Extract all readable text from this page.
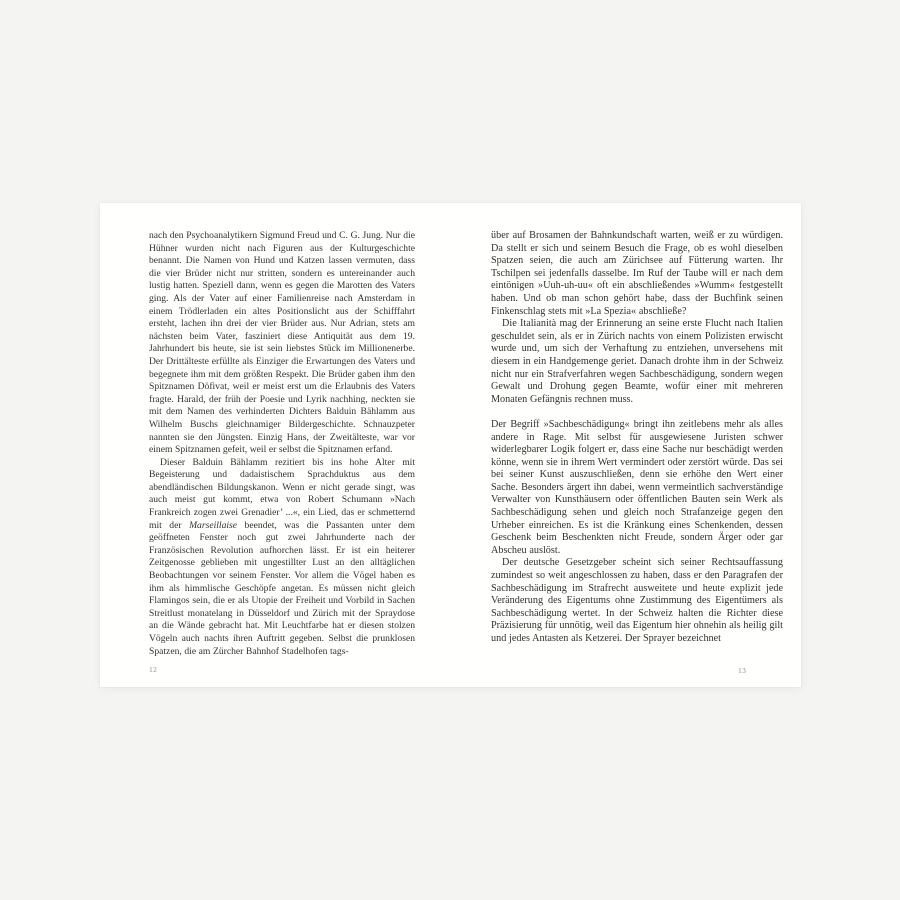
nach den Psychoanalytikern Sigmund Freud und C. G. Jung. Nur die Hühner wurden nicht nach Figuren aus der Kulturgeschichte benannt. Die Namen von Hund und Katzen lassen vermuten, dass die vier Brüder nicht nur stritten, sondern es untereinander auch lustig hatten. Speziell dann, wenn es gegen die Marotten des Vaters ging. Als der Vater auf einer Familienreise nach Amsterdam in einem Trödlerladen ein altes Positionslicht aus der Schifffahrt ersteht, lachen ihn drei der vier Brüder aus. Nur Adrian, stets am nächsten beim Vater, fasziniert diese Antiquität aus dem 19. Jahrhundert bis heute, sie ist sein liebstes Stück im Millionenerbe. Der Drittälteste erfüllte als Einziger die Erwartungen des Vaters und begegnete ihm mit dem größten Respekt. Die Brüder gaben ihm den Spitznamen Döfivat, weil er meist erst um die Erlaubnis des Vaters fragte. Harald, der früh der Poesie und Lyrik nachhing, neckten sie mit dem Namen des verhinderten Dichters Balduin Bählamm aus Wilhelm Buschs gleichnamiger Bildergeschichte. Schnauzpeter nannten sie den Jüngsten. Einzig Hans, der Zweitälteste, war vor einem Spitznamen gefeit, weil er selbst die Spitznamen erfand.

Dieser Balduin Bählamm rezitiert bis ins hohe Alter mit Begeisterung und dadaistischem Sprachduktus aus dem abendländischen Bildungskanon. Wenn er nicht gerade singt, was auch meist gut kommt, etwa von Robert Schumann »Nach Frankreich zogen zwei Grenadier’ ...«, ein Lied, das er schmetternd mit der Marseillaise beendet, was die Passanten unter dem geöffneten Fenster noch gut zwei Jahrhunderte nach der Französischen Revolution aufhorchen lässt. Er ist ein heiterer Zeitgenosse geblieben mit ungestillter Lust an den alltäglichen Beobachtungen vor seinem Fenster. Vor allem die Vögel haben es ihm als himmlische Geschöpfe angetan. Es müssen nicht gleich Flamingos sein, die er als Utopie der Freiheit und Vorbild in Sachen Streitlust monatelang in Düsseldorf und Zürich mit der Spraydose an die Wände gebracht hat. Mit Leuchtfarbe hat er diesen stolzen Vögeln auch nachts ihren Auftritt gegeben. Selbst die prunklosen Spatzen, die am Zürcher Bahnhof Stadelhofen tags-

über auf Brosamen der Bahnkundschaft warten, weiß er zu würdigen. Da stellt er sich und seinem Besuch die Frage, ob es wohl dieselben Spatzen seien, die auch am Zürichsee auf Fütterung warten. Ihr Tschilpen sei jedenfalls dasselbe. Im Ruf der Taube will er nach dem eintönigen »Uuh-uh-uu« oft ein abschließendes »Wumm« festgestellt haben. Und ob man schon gehört habe, dass der Buchfink seinen Finkenschlag stets mit »La Spezia« abschließe?

Die Italianità mag der Erinnerung an seine erste Flucht nach Italien geschuldet sein, als er in Zürich nachts von einem Polizisten erwischt wurde und, um sich der Verhaftung zu entziehen, unversehens mit diesem in ein Handgemenge geriet. Danach drohte ihm in der Schweiz nicht nur ein Strafverfahren wegen Sachbeschädigung, sondern wegen Gewalt und Drohung gegen Beamte, wofür einer mit mehreren Monaten Gefängnis rechnen muss.

Der Begriff »Sachbeschädigung« bringt ihn zeitlebens mehr als alles andere in Rage. Mit selbst für ausgewiesene Juristen schwer widerlegbarer Logik folgert er, dass eine Sache nur beschädigt werden könne, wenn sie in ihrem Wert vermindert oder zerstört würde. Das sei bei seiner Kunst auszuschließen, denn sie erhöhe den Wert einer Sache. Besonders ärgert ihn dabei, wenn vermeintlich sachverständige Verwalter von Kunsthäusern oder öffentlichen Bauten sein Werk als Sachbeschädigung sehen und gleich noch Strafanzeige gegen den Urheber einreichen. Es ist die Kränkung eines Schenkenden, dessen Geschenk beim Beschenkten nicht Freude, sondern Ärger oder gar Abscheu auslöst.

Der deutsche Gesetzgeber scheint sich seiner Rechtsauffassung zumindest so weit angeschlossen zu haben, dass er den Paragrafen der Sachbeschädigung im Strafrecht ausweitete und heute explizit jede Veränderung des Eigentums ohne Zustimmung des Eigentümers als Sachbeschädigung wertet. In der Schweiz halten die Richter diese Präzisierung für unnötig, weil das Eigentum hier ohnehin als heilig gilt und jedes Antasten als Ketzerei. Der Sprayer bezeichnet

12	13
